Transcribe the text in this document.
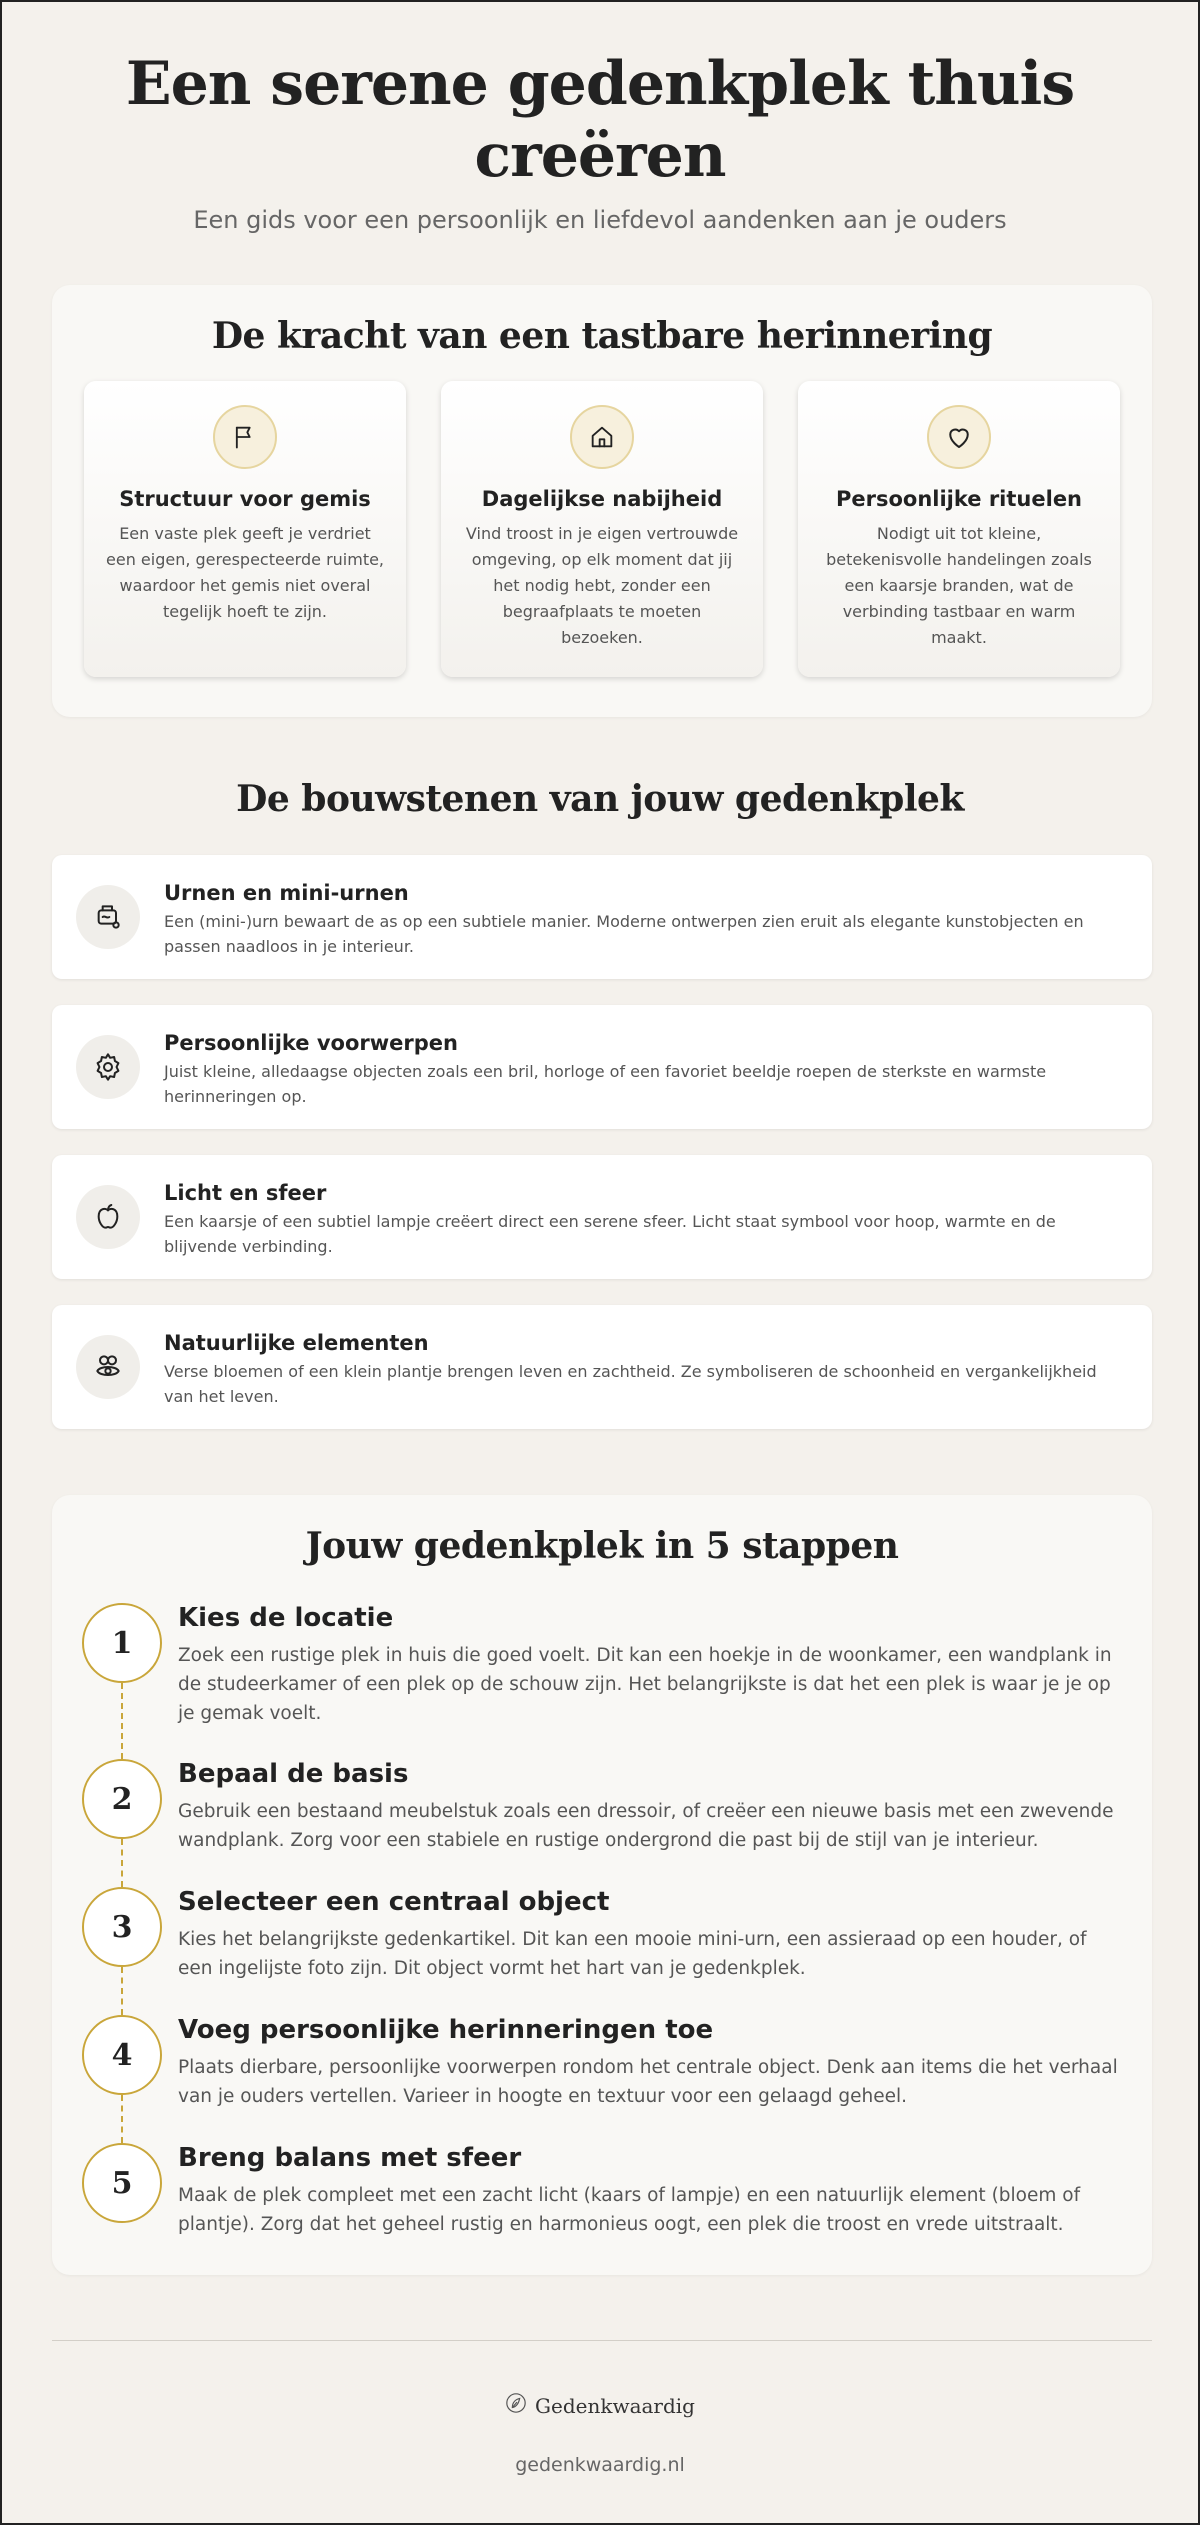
Een serene gedenkplek thuis creëren
Een gids voor een persoonlijk en liefdevol aandenken aan je ouders
De kracht van een tastbare herinnering
Structuur voor gemis

Een vaste plek geeft je verdriet een eigen, gerespecteerde ruimte, waardoor het gemis niet overal tegelijk hoeft te zijn.

Dagelijkse nabijheid

Vind troost in je eigen vertrouwde omgeving, op elk moment dat jij het nodig hebt, zonder een begraafplaats te moeten bezoeken.

Persoonlijke rituelen

Nodigt uit tot kleine, betekenisvolle handelingen zoals een kaarsje branden, wat de verbinding tastbaar en warm maakt.

De bouwstenen van jouw gedenkplek
Urnen en mini-urnen

Een (mini-)urn bewaart de as op een subtiele manier. Moderne ontwerpen zien eruit als elegante kunstobjecten en passen naadloos in je interieur.

Persoonlijke voorwerpen

Juist kleine, alledaagse objecten zoals een bril, horloge of een favoriet beeldje roepen de sterkste en warmste herinneringen op.

Licht en sfeer

Een kaarsje of een subtiel lampje creëert direct een serene sfeer. Licht staat symbool voor hoop, warmte en de blijvende verbinding.

Natuurlijke elementen

Verse bloemen of een klein plantje brengen leven en zachtheid. Ze symboliseren de schoonheid en vergankelijkheid van het leven.

Jouw gedenkplek in 5 stappen
1
Kies de locatie

Zoek een rustige plek in huis die goed voelt. Dit kan een hoekje in de woonkamer, een wandplank in de studeerkamer of een plek op de schouw zijn. Het belangrijkste is dat het een plek is waar je je op je gemak voelt.

2
Bepaal de basis

Gebruik een bestaand meubelstuk zoals een dressoir, of creëer een nieuwe basis met een zwevende wandplank. Zorg voor een stabiele en rustige ondergrond die past bij de stijl van je interieur.

3
Selecteer een centraal object

Kies het belangrijkste gedenkartikel. Dit kan een mooie mini-urn, een assieraad op een houder, of een ingelijste foto zijn. Dit object vormt het hart van je gedenkplek.

4
Voeg persoonlijke herinneringen toe

Plaats dierbare, persoonlijke voorwerpen rondom het centrale object. Denk aan items die het verhaal van je ouders vertellen. Varieer in hoogte en textuur voor een gelaagd geheel.

5
Breng balans met sfeer

Maak de plek compleet met een zacht licht (kaars of lampje) en een natuurlijk element (bloem of plantje). Zorg dat het geheel rustig en harmonieus oogt, een plek die troost en vrede uitstraalt.

Gedenkwaardig
gedenkwaardig.nl
